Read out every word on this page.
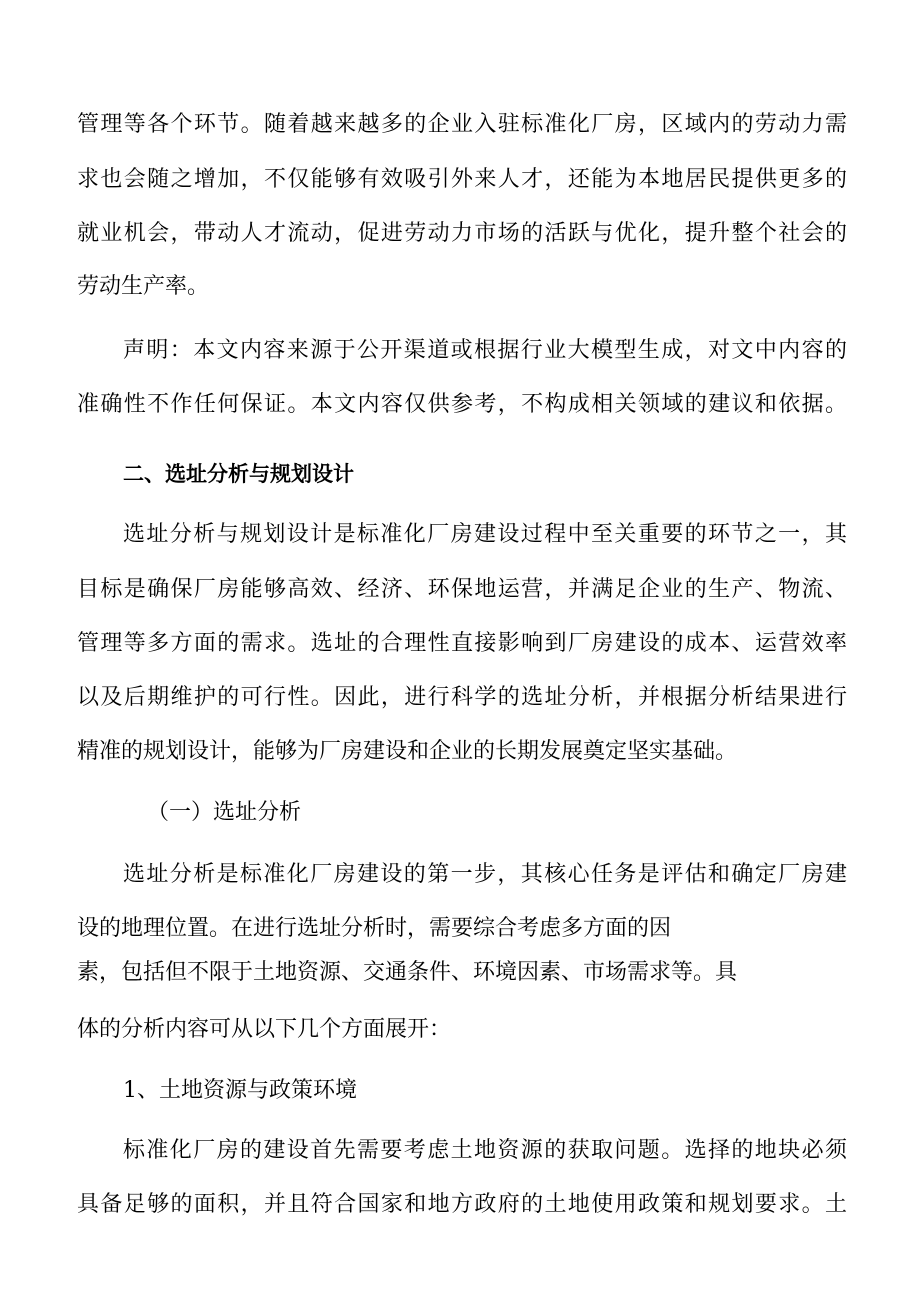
管理等各个环节。随着越来越多的企业入驻标准化厂房，区域内的劳动力需
求也会随之增加，不仅能够有效吸引外来人才，还能为本地居民提供更多的
就业机会，带动人才流动，促进劳动力市场的活跃与优化，提升整个社会的
劳动生产率。
声明：本文内容来源于公开渠道或根据行业大模型生成，对文中内容的
准确性不作任何保证。本文内容仅供参考，不构成相关领域的建议和依据。
二、选址分析与规划设计
选址分析与规划设计是标准化厂房建设过程中至关重要的环节之一，其
目标是确保厂房能够高效、经济、环保地运营，并满足企业的生产、物流、
管理等多方面的需求。选址的合理性直接影响到厂房建设的成本、运营效率
以及后期维护的可行性。因此，进行科学的选址分析，并根据分析结果进行
精准的规划设计，能够为厂房建设和企业的长期发展奠定坚实基础。
（一）选址分析
选址分析是标准化厂房建设的第一步，其核心任务是评估和确定厂房建
设的地理位置。在进行选址分析时，需要综合考虑多方面的因
素，包括但不限于土地资源、交通条件、环境因素、市场需求等。具
体的分析内容可从以下几个方面展开：
1、土地资源与政策环境
标准化厂房的建设首先需要考虑土地资源的获取问题。选择的地块必须
具备足够的面积，并且符合国家和地方政府的土地使用政策和规划要求。土
